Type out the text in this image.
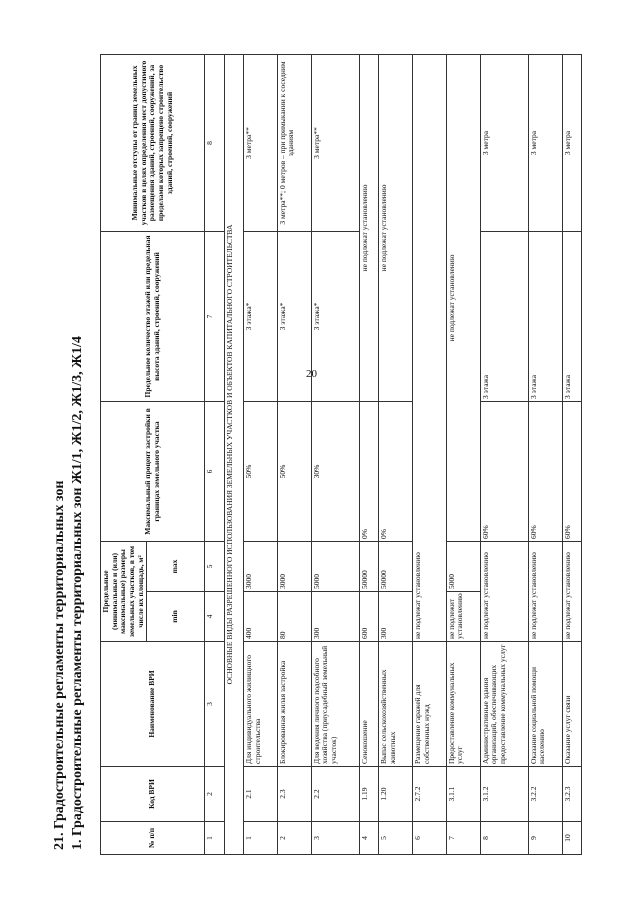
20
21. Градостроительные регламенты территориальных зон 1. Градостроительные регламенты территориальных зон Ж1/1, Ж1/2, Ж1/3, Ж1/4	№ п/п	Код ВРИ	Наименование ВРИ	Предельные (минимальные и (или) максимальные) размеры земельных участков, в том числе их площадь, м²		Максимальный процент застройки в границах земельного участка	Предельное количество этажей или предельная высота зданий, строений, сооружений	Минимальные отступы от границ земельных участков в целях определения мест допустимого размещения зданий, строений, сооружений, за пределами которых запрещено строительство зданий, строений, сооружений
			min	max			
1	2	3	4	5	6	7	8
ОСНОВНЫЕ ВИДЫ РАЗРЕШЕННОГО ИСПОЛЬЗОВАНИЯ ЗЕМЕЛЬНЫХ УЧАСТКОВ И ОБЪЕКТОВ КАПИТАЛЬНОГО СТРОИТЕЛЬСТВА							
1	2.1	Для индивидуального жилищного строительства	400	3000	50%	3 этажа*	3 метра**
2	2.3	Блокированная жилая застройка	80	3000	50%	3 этажа*	3 метра**; 0 метров – при примыкании к соседним зданиям
3	2.2	Для ведения личного подсобного хозяйства (приусадебный земельный участок)	300	5000	30%	3 этажа*	3 метра**
4	1.19	Сенокошение	600	50000	0%	не подлежат установлению	
5	1.20	Выпас сельскохозяйственных животных	300	50000	0%	не подлежат установлению	
6	2.7.2	Размещение гаражей для собственных нужд	не подлежат установлению				
7	3.1.1	Предоставление коммунальных услуг	не подлежит установлению	5000	не подлежат установлению		
8	3.1.2	Административные здания организаций, обеспечивающих предоставление коммунальных услуг	не подлежат установлению		60%	3 этажа	3 метра
9	3.2.2	Оказание социальной помощи населению	не подлежат установлению		60%	3 этажа	3 метра
10	3.2.3	Оказание услуг связи	не подлежат установлению		60%	3 этажа	3 метра
